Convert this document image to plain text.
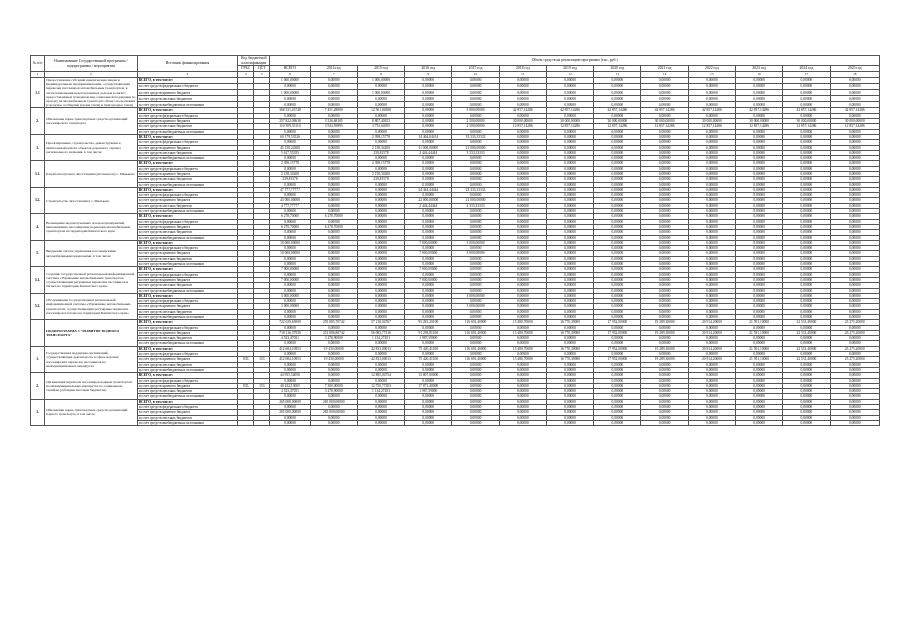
№ п/п	Наименование Государственной программы / подпрограммы / мероприятия	Источник финансирования	Код бюджетной классификации		Объем средств на реализацию программы (тыс. руб.)												
			ГРБС	ЦСТ	ВСЕГО	2014 год	2015 год	2016 год	2017 год	2018 год	2019 год	2020 год	2021 год	2022 год	2023 год	2024 год	2025 год
1	2	3	4	5	6	7	8	9	10	11	12	13	14	15	16	17	18
1.1	Предоставление субсидий юридическим лицам и индивидуальным предпринимателям, осуществляющим перевозки пассажиров автомобильным транспортом, в части возмещения недополученных доходов в связи с предоставлением гражданам мер социальной поддержки по проезду на автомобильном транспорте общего пользования (городское сообщение (кроме такси) и пригородное такси)	ВСЕГО, в том числе:			1 000,00000	0,00000	1 000,00000	0,00000	0,00000	0,00000	0,00000	0,00000	0,00000	0,00000	0,00000	0,00000	0,00000
		за счет средств федерального бюджета			0,00000	0,00000	0,00000	0,00000	0,00000	0,00000	0,00000	0,00000	0,00000	0,00000	0,00000	0,00000	0,00000
		за счет средств краевого бюджета			1 000,00000	0,00000	1 000,00000	0,00000	0,00000	0,00000	0,00000	0,00000	0,00000	0,00000	0,00000	0,00000	0,00000
		за счет средств местных бюджетов			0,00000	0,00000	0,00000	0,00000	0,00000	0,00000	0,00000	0,00000	0,00000	0,00000	0,00000	0,00000	0,00000
		за счет средств внебюджетных источников			0,00000	0,00000	0,00000	0,00000	0,00000	0,00000	0,00000	0,00000	0,00000	0,00000	0,00000	0,00000	0,00000
2.	Обновление парка транспортных средств организаций пассажирского транспорта	ВСЕГО, в том числе:			368 331,43748	7 451,28000	12 561,04508	0,00000	5 000,00000	42 857,14286	42 857,14286	42 857,14286	42 857,14286	42 857,14286	42 857,14286	42 857,14286	42 857,14286
		за счет средств федерального бюджета			0,00000	0,00000	0,00000	0,00000	0,00000	0,00000	0,00000	0,00000	0,00000	0,00000	0,00000	0,00000	0,00000
		за счет средств краевого бюджета			257 822,08638	3 526,68105	8 807,40453	0,00000	2 500,00000	30 000,00000	30 000,00000	30 000,00000	30 000,00000	30 000,00000	30 000,00000	30 000,00000	30 000,00000
		за счет средств местных бюджетов			110 509,35110	3 924,59895	3 753,64055	0,00000	2 500,00000	12 857,14286	12 857,14286	12 857,14286	12 857,14286	12 857,14286	12 857,14286	12 857,14286	12 857,14286
		за счет средств внебюджетных источников			0,00000	0,00000	0,00000	0,00000	0,00000	0,00000	0,00000	0,00000	0,00000	0,00000	0,00000	0,00000	0,00000
3.	Проектирование, строительство, реконструкция и капитальный ремонт объектов дорожного сервиса регионального значения, в том числе:	ВСЕГО, в том числе:			60 179,53526	0,00000	2 398,15778	14 464,04414	33 333,33333	0,00000	0,00000	0,00000	0,00000	0,00000	0,00000	0,00000	0,00000
		за счет средств федерального бюджета			0,00000	0,00000	0,00000	0,00000	0,00000	0,00000	0,00000	0,00000	0,00000	0,00000	0,00000	0,00000	0,00000
		за счет средств краевого бюджета			45 158,24380	0,00000	2 158,34200	11 000,00000	21 000,00000	0,00000	0,00000	0,00000	0,00000	0,00000	0,00000	0,00000	0,00000
		за счет средств местных бюджетов			5 617,55355	0,00000	239,81578	2 444,44444	3 333,33333	0,00000	0,00000	0,00000	0,00000	0,00000	0,00000	0,00000	0,00000
		за счет средств внебюджетных источников			0,00000	0,00000	0,00000	0,00000	0,00000	0,00000	0,00000	0,00000	0,00000	0,00000	0,00000	0,00000	0,00000
3.1.	Разработка проекта автостанции (автовокзала) с. Мильково	ВСЕГО, в том числе:			2 398,15778	0,00000	2 398,15778	0,00000	0,00000	0,00000	0,00000	0,00000	0,00000	0,00000	0,00000	0,00000	0,00000
		за счет средств федерального бюджета			0,00000	0,00000	0,00000	0,00000	0,00000	0,00000	0,00000	0,00000	0,00000	0,00000	0,00000	0,00000	0,00000
		за счет средств краевого бюджета			2 158,34200	0,00000	2 158,34200	0,00000	0,00000	0,00000	0,00000	0,00000	0,00000	0,00000	0,00000	0,00000	0,00000
		за счет средств местных бюджетов			239,81578	0,00000	239,81578	0,00000	0,00000	0,00000	0,00000	0,00000	0,00000	0,00000	0,00000	0,00000	0,00000
		за счет средств внебюджетных источников			0,00000	0,00000	0,00000	0,00000	0,00000	0,00000	0,00000	0,00000	0,00000	0,00000	0,00000	0,00000	0,00000
3.2.	Строительство автостанции в с. Мильково	ВСЕГО, в том числе:			47 777,77777	0,00000	0,00000	24 444,44444	23 333,33333	0,00000	0,00000	0,00000	0,00000	0,00000	0,00000	0,00000	0,00000
		за счет средств федерального бюджета			0,00000	0,00000	0,00000	0,00000	0,00000	0,00000	0,00000	0,00000	0,00000	0,00000	0,00000	0,00000	0,00000
		за счет средств краевого бюджета			43 000,00000	0,00000	0,00000	22 000,00000	21 000,00000	0,00000	0,00000	0,00000	0,00000	0,00000	0,00000	0,00000	0,00000
		за счет средств местных бюджетов			4 777,77777	0,00000	0,00000	2 444,44444	2 333,33333	0,00000	0,00000	0,00000	0,00000	0,00000	0,00000	0,00000	0,00000
		за счет средств внебюджетных источников			0,00000	0,00000	0,00000	0,00000	0,00000	0,00000	0,00000	0,00000	0,00000	0,00000	0,00000	0,00000	0,00000
4.	Возмещение недополученных доходов предприятий, выполняющих пассажирские перевозки автомобильным транспортом на территории Камчатского края	ВСЕГО, в том числе:			6 278,70000	6 278,70000	0,00000	0,00000	0,00000	0,00000	0,00000	0,00000	0,00000	0,00000	0,00000	0,00000	0,00000
		за счет средств федерального бюджета			0,00000	0,00000	0,00000	0,00000	0,00000	0,00000	0,00000	0,00000	0,00000	0,00000	0,00000	0,00000	0,00000
		за счет средств краевого бюджета			6 278,70000	6 278,70000	0,00000	0,00000	0,00000	0,00000	0,00000	0,00000	0,00000	0,00000	0,00000	0,00000	0,00000
		за счет средств местных бюджетов			0,00000	0,00000	0,00000	0,00000	0,00000	0,00000	0,00000	0,00000	0,00000	0,00000	0,00000	0,00000	0,00000
		за счет средств внебюджетных источников			0,00000	0,00000	0,00000	0,00000	0,00000	0,00000	0,00000	0,00000	0,00000	0,00000	0,00000	0,00000	0,00000
5.	Внедрение систем управления пассажирскими автомобильными перевозками, в том числе:	ВСЕГО, в том числе:			10 000,00000	0,00000	0,00000	7 000,00000	3 000,00000	0,00000	0,00000	0,00000	0,00000	0,00000	0,00000	0,00000	0,00000
		за счет средств федерального бюджета			0,00000	0,00000	0,00000	0,00000	0,00000	0,00000	0,00000	0,00000	0,00000	0,00000	0,00000	0,00000	0,00000
		за счет средств краевого бюджета			10 000,00000	0,00000	0,00000	7 000,00000	3 000,00000	0,00000	0,00000	0,00000	0,00000	0,00000	0,00000	0,00000	0,00000
		за счет средств местных бюджетов			0,00000	0,00000	0,00000	0,00000	0,00000	0,00000	0,00000	0,00000	0,00000	0,00000	0,00000	0,00000	0,00000
		за счет средств внебюджетных источников			0,00000	0,00000	0,00000	0,00000	0,00000	0,00000	0,00000	0,00000	0,00000	0,00000	0,00000	0,00000	0,00000
5.1.	Создание государственной региональной информационной системы «Управление автомобильным транспортом, осуществляющим регулярные перевозки пассажиров и багажа на территории Камчатского края»	ВСЕГО, в том числе:			7 000,00000	0,00000	0,00000	7 000,00000	0,00000	0,00000	0,00000	0,00000	0,00000	0,00000	0,00000	0,00000	0,00000
		за счет средств федерального бюджета			0,00000	0,00000	0,00000	0,00000	0,00000	0,00000	0,00000	0,00000	0,00000	0,00000	0,00000	0,00000	0,00000
		за счет средств краевого бюджета			7 000,00000	0,00000	0,00000	7 000,00000	0,00000	0,00000	0,00000	0,00000	0,00000	0,00000	0,00000	0,00000	0,00000
		за счет средств местных бюджетов			0,00000	0,00000	0,00000	0,00000	0,00000	0,00000	0,00000	0,00000	0,00000	0,00000	0,00000	0,00000	0,00000
		за счет средств внебюджетных источников			0,00000	0,00000	0,00000	0,00000	0,00000	0,00000	0,00000	0,00000	0,00000	0,00000	0,00000	0,00000	0,00000
5.2.	Обслуживание государственной региональной информационной системы «Управление автомобильным транспортом, осуществляющим регулярные перевозки пассажиров и багажа на территории Камчатского края»	ВСЕГО, в том числе:			3 000,00000	0,00000	0,00000	0,00000	3 000,00000	0,00000	0,00000	0,00000	0,00000	0,00000	0,00000	0,00000	0,00000
		за счет средств федерального бюджета			0,00000	0,00000	0,00000	0,00000	0,00000	0,00000	0,00000	0,00000	0,00000	0,00000	0,00000	0,00000	0,00000
		за счет средств краевого бюджета			3 000,00000	0,00000	0,00000	0,00000	3 000,00000	0,00000	0,00000	0,00000	0,00000	0,00000	0,00000	0,00000	0,00000
		за счет средств местных бюджетов			0,00000	0,00000	0,00000	0,00000	0,00000	0,00000	0,00000	0,00000	0,00000	0,00000	0,00000	0,00000	0,00000
		за счет средств внебюджетных источников			0,00000	0,00000	0,00000	0,00000	0,00000	0,00000	0,00000	0,00000	0,00000	0,00000	0,00000	0,00000	0,00000
	ПОДПРОГРАММА 3 "РАЗВИТИЕ ВОДНОГО ТРАНСПОРТА"	ВСЕГО, в том числе:			722 639,65000	255 085,70742	57 218,04767	93 281,20100	116 691,40000	15 480,70000	16 770,39000	17 952,00000	19 289,30000	20 914,20000	21 591,10000	22 531,40000	23 275,20000
		за счет средств федерального бюджета			0,00000	0,00000	0,00000	0,00000	0,00000	0,00000	0,00000	0,00000	0,00000	0,00000	0,00000	0,00000	0,00000
		за счет средств краевого бюджета			718 116,37930	251 806,80742	56 083,77316	91 293,81100	116 691,40000	15 480,70000	16 770,39000	17 952,00000	19 289,30000	20 914,20000	21 591,10000	22 531,40000	23 275,20000
		за счет средств местных бюджетов			4 523,47051	3 278,90000	1 134,27451	1 987,39000	0,00000	0,00000	0,00000	0,00000	0,00000	0,00000	0,00000	0,00000	0,00000
		за счет средств внебюджетных источников			0,00000	0,00000	0,00000	0,00000	0,00000	0,00000	0,00000	0,00000	0,00000	0,00000	0,00000	0,00000	0,00000
1.	Государственная поддержка организаций, осуществляющих деятельность в сфере морских пассажирских перевозок пассажиров на межмуниципальных маршрутах	ВСЕГО, в том числе:			412 684,10953	19 430,00000	42 833,00013	75 420,41100	116 691,40000	15 480,70000	16 770,39000	17 952,00000	19 289,30000	20 914,20000	21 591,10000	22 531,40000	23 275,20000
		за счет средств федерального бюджета			0,00000	0,00000	0,00000	0,00000	0,00000	0,00000	0,00000	0,00000	0,00000	0,00000	0,00000	0,00000	0,00000
		за счет средств краевого бюджета	833	153	412 684,10953	19 430,00000	42 833,00013	75 420,41100	116 691,40000	15 480,70000	16 770,39000	17 952,00000	19 289,30000	20 914,20000	21 591,10000	22 531,40000	23 275,20000
		за счет средств местных бюджетов			0,00000	0,00000	0,00000	0,00000	0,00000	0,00000	0,00000	0,00000	0,00000	0,00000	0,00000	0,00000	0,00000
		за счет средств внебюджетных источников			0,00000	0,00000	0,00000	0,00000	0,00000	0,00000	0,00000	0,00000	0,00000	0,00000	0,00000	0,00000	0,00000
2.	Организация перевозок пассажиров водным транспортом на межмуниципальных маршрутах по социальным тарифам (субсидии местным бюджетам)	ВСЕГО, в том числе:			44 955,54056	0,00000	12 885,04754	13 807,00000	0,00000	0,00000	0,00000	0,00000	0,00000	0,00000	0,00000	0,00000	0,00000
		за счет средств федерального бюджета			0,00000	0,00000	0,00000	0,00000	0,00000	0,00000	0,00000	0,00000	0,00000	0,00000	0,00000	0,00000	0,00000
		за счет средств краевого бюджета	833	153	40 432,13005	7 300,00000	12 750,77303	17 871,40000	0,00000	0,00000	0,00000	0,00000	0,00000	0,00000	0,00000	0,00000	0,00000
		за счет средств местных бюджетов			4 523,47051	3 278,90000	1 134,27451	1 987,39000	0,00000	0,00000	0,00000	0,00000	0,00000	0,00000	0,00000	0,00000	0,00000
		за счет средств внебюджетных источников			0,00000	0,00000	0,00000	0,00000	0,00000	0,00000	0,00000	0,00000	0,00000	0,00000	0,00000	0,00000	0,00000
3.	Обновление парка транспортных средств организаций водного транспорта, в том числе:	ВСЕГО, в том числе:			265 000,00000	265 000,00000	0,00000	0,00000	0,00000	0,00000	0,00000	0,00000	0,00000	0,00000	0,00000	0,00000	0,00000
		за счет средств федерального бюджета			0,00000	0,00000	0,00000	0,00000	0,00000	0,00000	0,00000	0,00000	0,00000	0,00000	0,00000	0,00000	0,00000
		за счет средств краевого бюджета			265 000,00000	265 000,00000	0,00000	0,00000	0,00000	0,00000	0,00000	0,00000	0,00000	0,00000	0,00000	0,00000	0,00000
		за счет средств местных бюджетов			0,00000	0,00000	0,00000	0,00000	0,00000	0,00000	0,00000	0,00000	0,00000	0,00000	0,00000	0,00000	0,00000
		за счет средств внебюджетных источников			0,00000	0,00000	0,00000	0,00000	0,00000	0,00000	0,00000	0,00000	0,00000	0,00000	0,00000	0,00000	0,00000
